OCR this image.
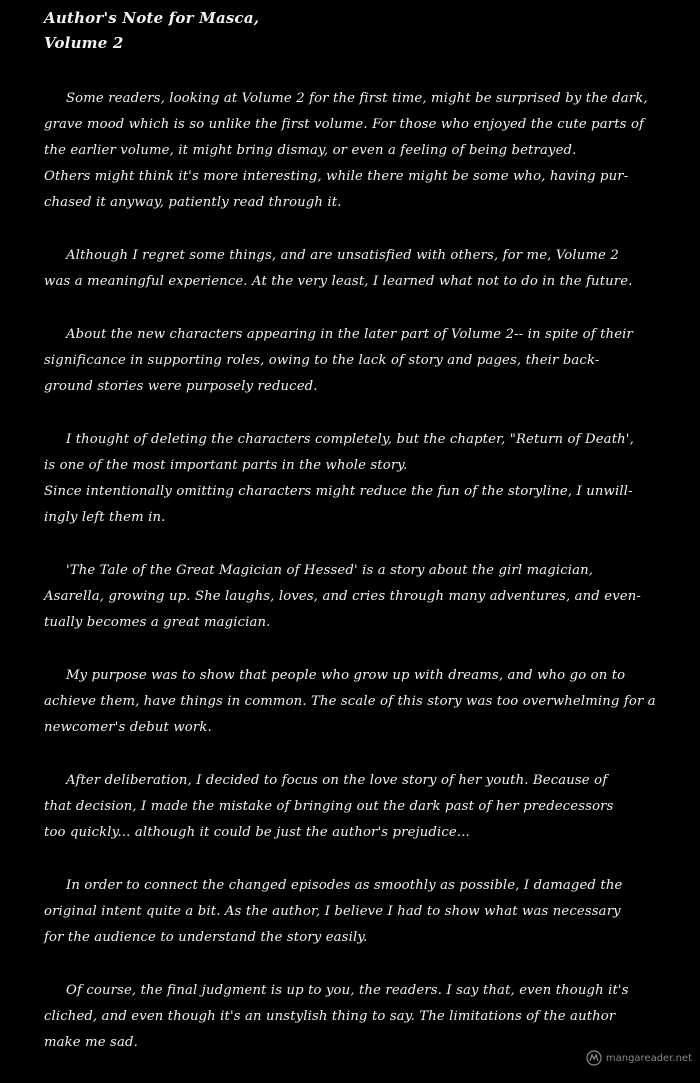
Author's Note for Masca,
Volume 2
Some readers, looking at Volume 2 for the first time, might be surprised by the dark,
grave mood which is so unlike the first volume. For those who enjoyed the cute parts of
the earlier volume, it might bring dismay, or even a feeling of being betrayed.
Others might think it's more interesting, while there might be some who, having pur-
chased it anyway, patiently read through it.
Although I regret some things, and are unsatisfied with others, for me, Volume 2
was a meaningful experience. At the very least, I learned what not to do in the future.
About the new characters appearing in the later part of Volume 2-- in spite of their
significance in supporting roles, owing to the lack of story and pages, their back-
ground stories were purposely reduced.
I thought of deleting the characters completely, but the chapter, "Return of Death',
is one of the most important parts in the whole story.
Since intentionally omitting characters might reduce the fun of the storyline, I unwill-
ingly left them in.
'The Tale of the Great Magician of Hessed' is a story about the girl magician,
Asarella, growing up. She laughs, loves, and cries through many adventures, and even-
tually becomes a great magician.
My purpose was to show that people who grow up with dreams, and who go on to
achieve them, have things in common. The scale of this story was too overwhelming for a
newcomer's debut work.
After deliberation, I decided to focus on the love story of her youth. Because of
that decision, I made the mistake of bringing out the dark past of her predecessors
too quickly... although it could be just the author's prejudice...
In order to connect the changed episodes as smoothly as possible, I damaged the
original intent quite a bit. As the author, I believe I had to show what was necessary
for the audience to understand the story easily.
Of course, the final judgment is up to you, the readers. I say that, even though it's
cliched, and even though it's an unstylish thing to say. The limitations of the author
make me sad.
mangareader.net
